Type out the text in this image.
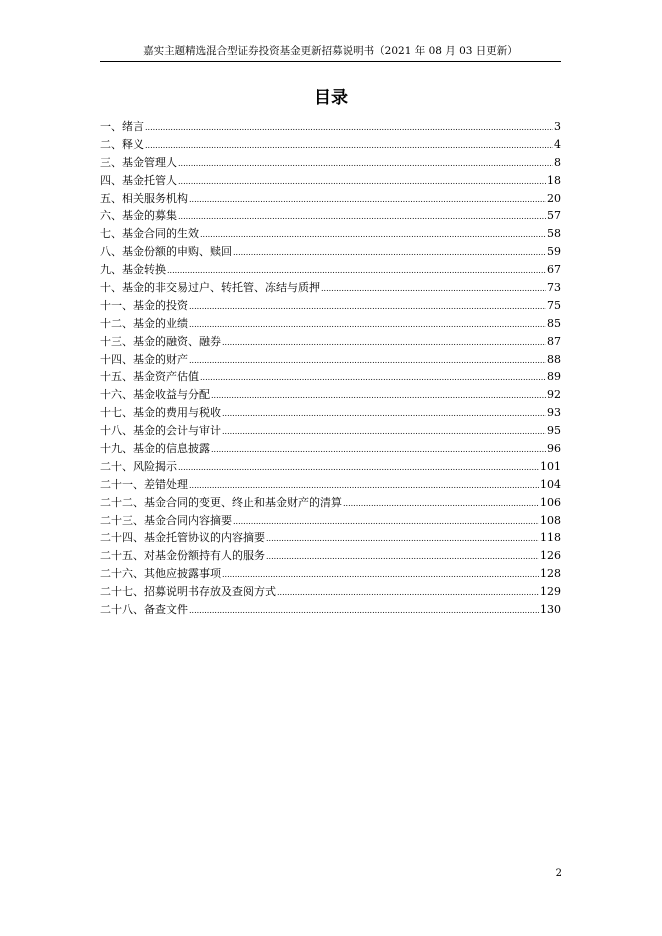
嘉实主题精选混合型证券投资基金更新招募说明书（2021 年 08 月 03 日更新）
目录
一、绪言 .....	3
二、释义 .....	4
三、基金管理人 .....	8
四、基金托管人 .....	18
五、相关服务机构 .....	20
六、基金的募集 .....	57
七、基金合同的生效 .....	58
八、基金份额的申购、赎回 .....	59
九、基金转换 .....	67
十、基金的非交易过户、转托管、冻结与质押 .....	73
十一、基金的投资 .....	75
十二、基金的业绩 .....	85
十三、基金的融资、融券 .....	87
十四、基金的财产 .....	88
十五、基金资产估值 .....	89
十六、基金收益与分配 .....	92
十七、基金的费用与税收 .....	93
十八、基金的会计与审计 .....	95
十九、基金的信息披露 .....	96
二十、风险揭示 .....	101
二十一、差错处理 .....	104
二十二、基金合同的变更、终止和基金财产的清算 .....	106
二十三、基金合同内容摘要 .....	108
二十四、基金托管协议的内容摘要 .....	118
二十五、对基金份额持有人的服务 .....	126
二十六、其他应披露事项 .....	128
二十七、招募说明书存放及查阅方式 .....	129
二十八、备查文件 .....	130
2
